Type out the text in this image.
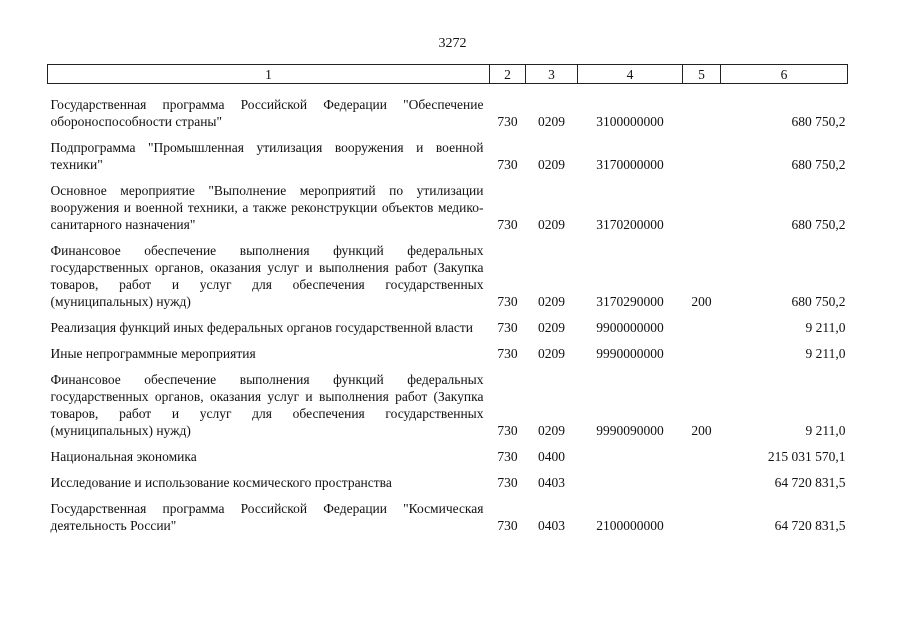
3272
1	2	3	4	5	6

Государственная программа Российской Федерации "Обеспечение обороноспособности страны"	730	0209	3100000000		680 750,2

Подпрограмма "Промышленная утилизация вооружения и военной техники"	730	0209	3170000000		680 750,2

Основное мероприятие "Выполнение мероприятий по утилизации вооружения и военной техники, а также реконструкции объектов медико-санитарного назначения"	730	0209	3170200000		680 750,2

Финансовое обеспечение выполнения функций федеральных государственных органов, оказания услуг и выполнения работ (Закупка товаров, работ и услуг для обеспечения государственных (муниципальных) нужд)	730	0209	3170290000	200	680 750,2

Реализация функций иных федеральных органов государственной власти	730	0209	9900000000		9 211,0

Иные непрограммные мероприятия	730	0209	9990000000		9 211,0

Финансовое обеспечение выполнения функций федеральных государственных органов, оказания услуг и выполнения работ (Закупка товаров, работ и услуг для обеспечения государственных (муниципальных) нужд)	730	0209	9990090000	200	9 211,0

Национальная экономика	730	0400			215 031 570,1

Исследование и использование космического пространства	730	0403			64 720 831,5

Государственная программа Российской Федерации "Космическая деятельность России"	730	0403	2100000000		64 720 831,5
